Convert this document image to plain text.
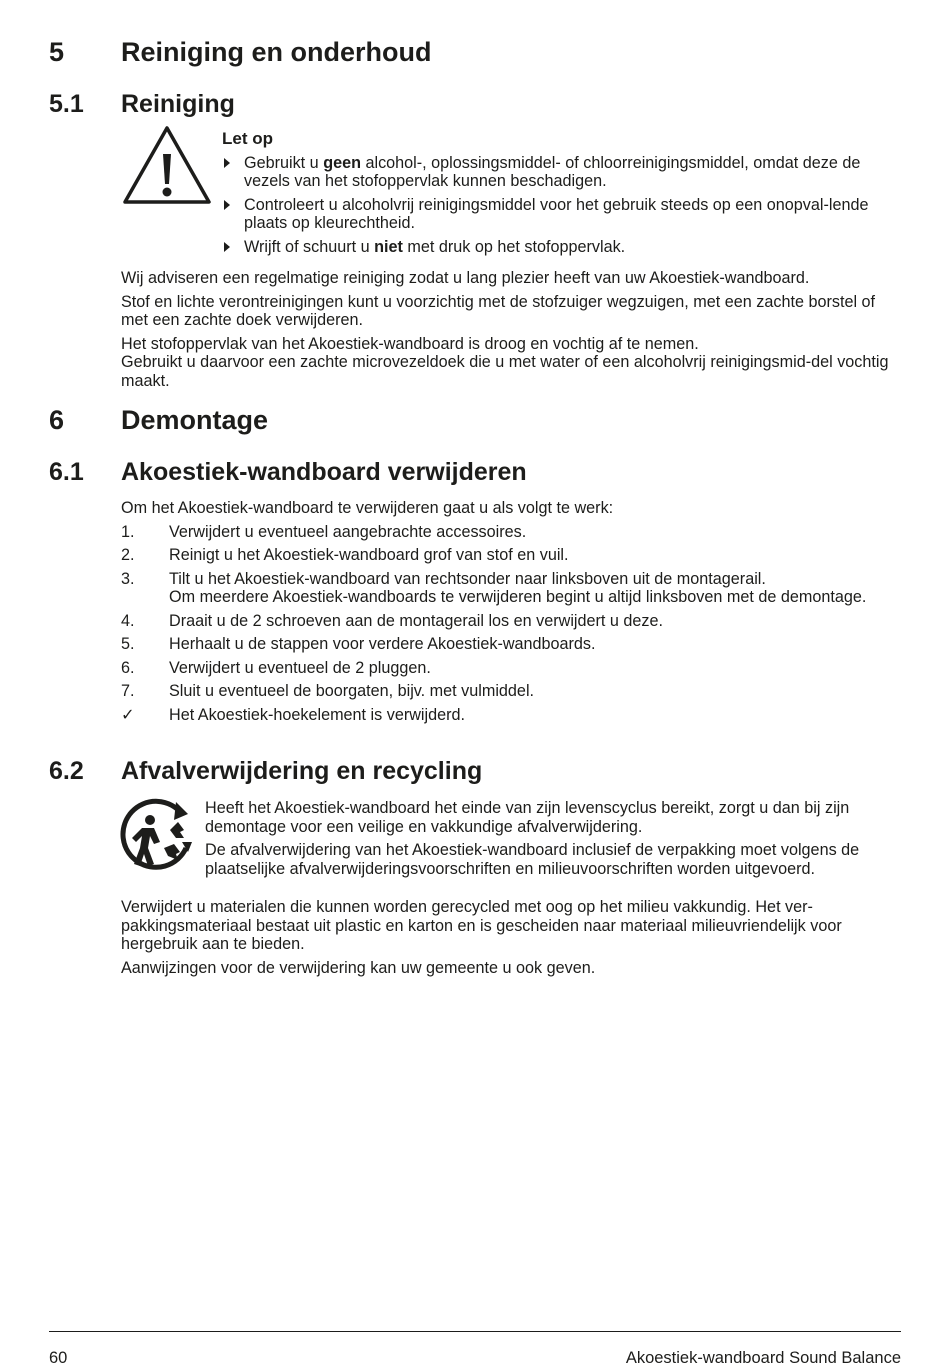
5 Reiniging en onderhoud
5.1 Reiniging
Let op
Gebruikt u geen alcohol-, oplossingsmiddel- of chloorreinigingsmiddel, omdat deze de vezels van het stofoppervlak kunnen beschadigen.
Controleert u alcoholvrij reinigingsmiddel voor het gebruik steeds op een onopval-lende plaats op kleurechtheid.
Wrijft of schuurt u niet met druk op het stofoppervlak.

Wij adviseren een regelmatige reiniging zodat u lang plezier heeft van uw Akoestiek-wandboard.

Stof en lichte verontreinigingen kunt u voorzichtig met de stofzuiger wegzuigen, met een zachte borstel of met een zachte doek verwijderen.

Het stofoppervlak van het Akoestiek-wandboard is droog en vochtig af te nemen.
Gebruikt u daarvoor een zachte microvezeldoek die u met water of een alcoholvrij reinigingsmid-del vochtig maakt.

6 Demontage
6.1 Akoestiek-wandboard verwijderen

Om het Akoestiek-wandboard te verwijderen gaat u als volgt te werk:

1. Verwijdert u eventueel aangebrachte accessoires.
2. Reinigt u het Akoestiek-wandboard grof van stof en vuil.
3. Tilt u het Akoestiek-wandboard van rechtsonder naar linksboven uit de montagerail.
Om meerdere Akoestiek-wandboards te verwijderen begint u altijd linksboven met de demontage.
4. Draait u de 2 schroeven aan de montagerail los en verwijdert u deze.
5. Herhaalt u de stappen voor verdere Akoestiek-wandboards.
6. Verwijdert u eventueel de 2 pluggen.
7. Sluit u eventueel de boorgaten, bijv. met vulmiddel.
✓ Het Akoestiek-hoekelement is verwijderd.
6.2 Afvalverwijdering en recycling

Heeft het Akoestiek-wandboard het einde van zijn levenscyclus bereikt, zorgt u dan bij zijn demontage voor een veilige en vakkundige afvalverwijdering.

De afvalverwijdering van het Akoestiek-wandboard inclusief de verpakking moet volgens de plaatselijke afvalverwijderingsvoorschriften en milieuvoorschriften worden uitgevoerd.

Verwijdert u materialen die kunnen worden gerecycled met oog op het milieu vakkundig. Het ver-pakkingsmateriaal bestaat uit plastic en karton en is gescheiden naar materiaal milieuvriendelijk voor hergebruik aan te bieden.

Aanwijzingen voor de verwijdering kan uw gemeente u ook geven.

60	Akoestiek-wandboard Sound Balance
